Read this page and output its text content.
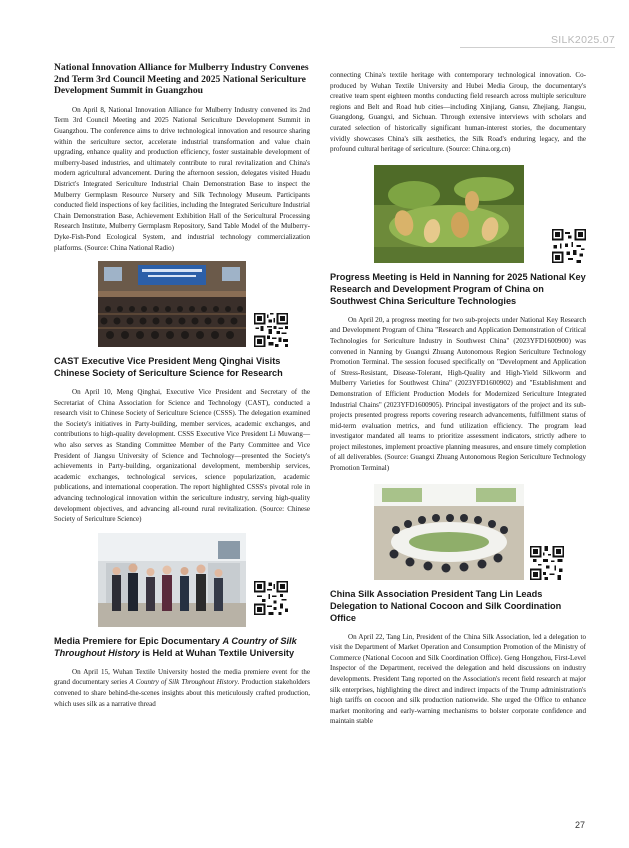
SILK2025.07
National Innovation Alliance for Mulberry Industry Convenes 2nd Term 3rd Council Meeting and 2025 National Sericulture Development Summit in Guangzhou

On April 8, National Innovation Alliance for Mulberry Industry convened its 2nd Term 3rd Council Meeting and 2025 National Sericulture Development Summit in Guangzhou. The conference aims to drive technological innovation and resource sharing within the sericulture sector, accelerate industrial transformation and value chain upgrading, enhance quality and production efficiency, foster sustainable development of mulberry-based industries, and ultimately contribute to rural revitalization and China's modern agricultural advancement. During the afternoon session, delegates visited Huadu District's Integrated Sericulture Industrial Chain Demonstration Base to inspect the Mulberry Germplasm Resource Nursery and Silk Technology Museum. Participants conducted field inspections of key facilities, including the Integrated Sericulture Industrial Chain Demonstration Base, Achievement Exhibition Hall of the Sericultural Processing Research Institute, Mulberry Germplasm Repository, Sand Table Model of the Mulberry-Dyke-Fish-Pond Ecological System, and industrial technology commercialization platforms. (Source: China National Radio)

CAST Executive Vice President Meng Qinghai Visits Chinese Society of Sericulture Science for Research

On April 10, Meng Qinghai, Executive Vice President and Secretary of the Secretariat of China Association for Science and Technology (CAST), conducted a research visit to Chinese Society of Sericulture Science (CSSS). The delegation examined the Society's initiatives in Party-building, member services, academic exchanges, and contributions to high-quality development. CSSS Executive Vice President Li Muwang—who also serves as Standing Committee Member of the Party Committee and Vice President of Jiangsu University of Science and Technology—presented the Society's achievements in Party-building, organizational development, membership services, academic exchanges, technological services, science popularization, academic publications, and international cooperation. The report highlighted CSSS's pivotal role in advancing technological innovation within the sericulture industry, serving high-quality development objectives, and advancing all-round rural revitalization. (Source: Chinese Society of Sericulture Science)

Media Premiere for Epic Documentary A Country of Silk Throughout History is Held at Wuhan Textile University

On April 15, Wuhan Textile University hosted the media premiere event for the grand documentary series A Country of Silk Throughout History. Production stakeholders convened to share behind-the-scenes insights about this meticulously crafted production, which uses silk as a narrative thread

connecting China's textile heritage with contemporary technological innovation. Co-produced by Wuhan Textile University and Hubei Media Group, the documentary's creative team spent eighteen months conducting field research across multiple sericulture regions and Belt and Road hub cities—including Xinjiang, Gansu, Zhejiang, Jiangsu, Guangdong, Guangxi, and Sichuan. Through extensive interviews with scholars and curated selection of historically significant human-interest stories, the documentary vividly showcases China's silk aesthetics, the Silk Road's enduring legacy, and the profound cultural heritage of sericulture. (Source: China.org.cn)

Progress Meeting is Held in Nanning for 2025 National Key Research and Development Program of China on Southwest China Sericulture Technologies

On April 20, a progress meeting for two sub-projects under National Key Research and Development Program of China "Research and Application Demonstration of Critical Technologies for Sericulture Industry in Southwest China" (2023YFD1600900) was convened in Nanning by Guangxi Zhuang Autonomous Region Sericulture Technology Promotion Terminal. The session focused specifically on "Development and Application of Stress-Resistant, Disease-Tolerant, High-Quality and High-Yield Silkworm and Mulberry Varieties for Southwest China" (2023YFD1600902) and "Establishment and Demonstration of Efficient Production Models for Modernized Sericulture Integrated Industrial Chains" (2023YFD1600905). Principal investigators of the project and its sub-projects presented progress reports covering research advancements, fulfillment status of mid-term evaluation metrics, and fund utilization efficiency. The program lead investigator mandated all teams to prioritize assessment indicators, strictly adhere to project milestones, implement proactive planning measures, and ensure timely completion of all deliverables. (Source: Guangxi Zhuang Autonomous Region Sericulture Technology Promotion Terminal)

China Silk Association President Tang Lin Leads Delegation to National Cocoon and Silk Coordination Office

On April 22, Tang Lin, President of the China Silk Association, led a delegation to visit the Department of Market Operation and Consumption Promotion of the Ministry of Commerce (National Cocoon and Silk Coordination Office). Geng Hongzhou, First-Level Inspector of the Department, received the delegation and held discussions on industry developments. President Tang reported on the Association's recent field research at major silk enterprises, highlighting the direct and indirect impacts of the Trump administration's high tariffs on cocoon and silk production nationwide. She urged the Office to enhance market monitoring and early-warning mechanisms to bolster corporate confidence and maintain stable

27
